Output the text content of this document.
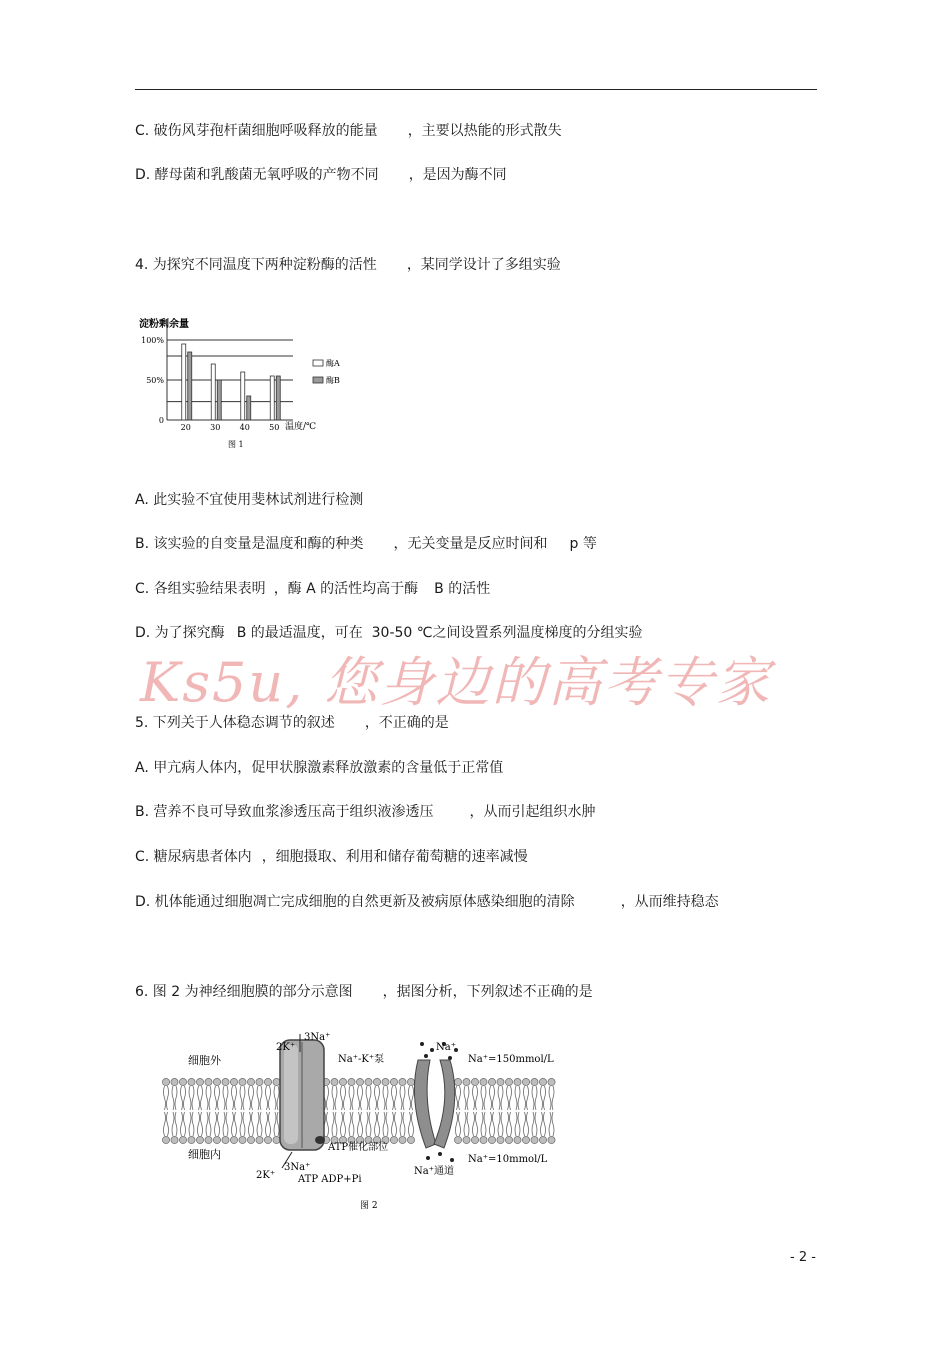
C. 破伤风芽孢杆菌细胞呼吸释放的能量 ，主要以热能的形式散失
D. 酵母菌和乳酸菌无氧呼吸的产物不同 ，是因为酶不同
4. 为探究不同温度下两种淀粉酶的活性 ，某同学设计了多组实验
淀粉剩余量
100%
50%
0
20 30 40 50
酶A
酶B
温度/℃
图 1
A. 此实验不宜使用斐林试剂进行检测
B. 该实验的自变量是温度和酶的种类 ，无关变量是反应时间和 p 等
C. 各组实验结果表明 ，酶 A 的活性均高于酶 B 的活性
D. 为了探究酶 B 的最适温度，可在  30-50 ℃之间设置系列温度梯度的分组实验
Ks5u, 您身边的高考专家
5. 下列关于人体稳态调节的叙述 ，不正确的是
A. 甲亢病人体内，促甲状腺激素释放激素的含量低于正常值
B. 营养不良可导致血浆渗透压高于组织液渗透压	，从而引起组织水肿
C. 糖尿病患者体内 ，细胞摄取、利用和储存葡萄糖的速率减慢
D. 机体能通过细胞凋亡完成细胞的自然更新及被病原体感染细胞的清除	，从而维持稳态
6. 图 2 为神经细胞膜的部分示意图 ，据图分析，下列叙述不正确的是
细胞外
细胞内
2K⁺
3Na⁺
Na⁺-K⁺泵
2K⁺
3Na⁺
ATP催化部位
ATP ADP+Pi
Na⁺
Na⁺通道
Na⁺=150mmol/L
Na⁺=10mmol/L
图 2
- 2 -
